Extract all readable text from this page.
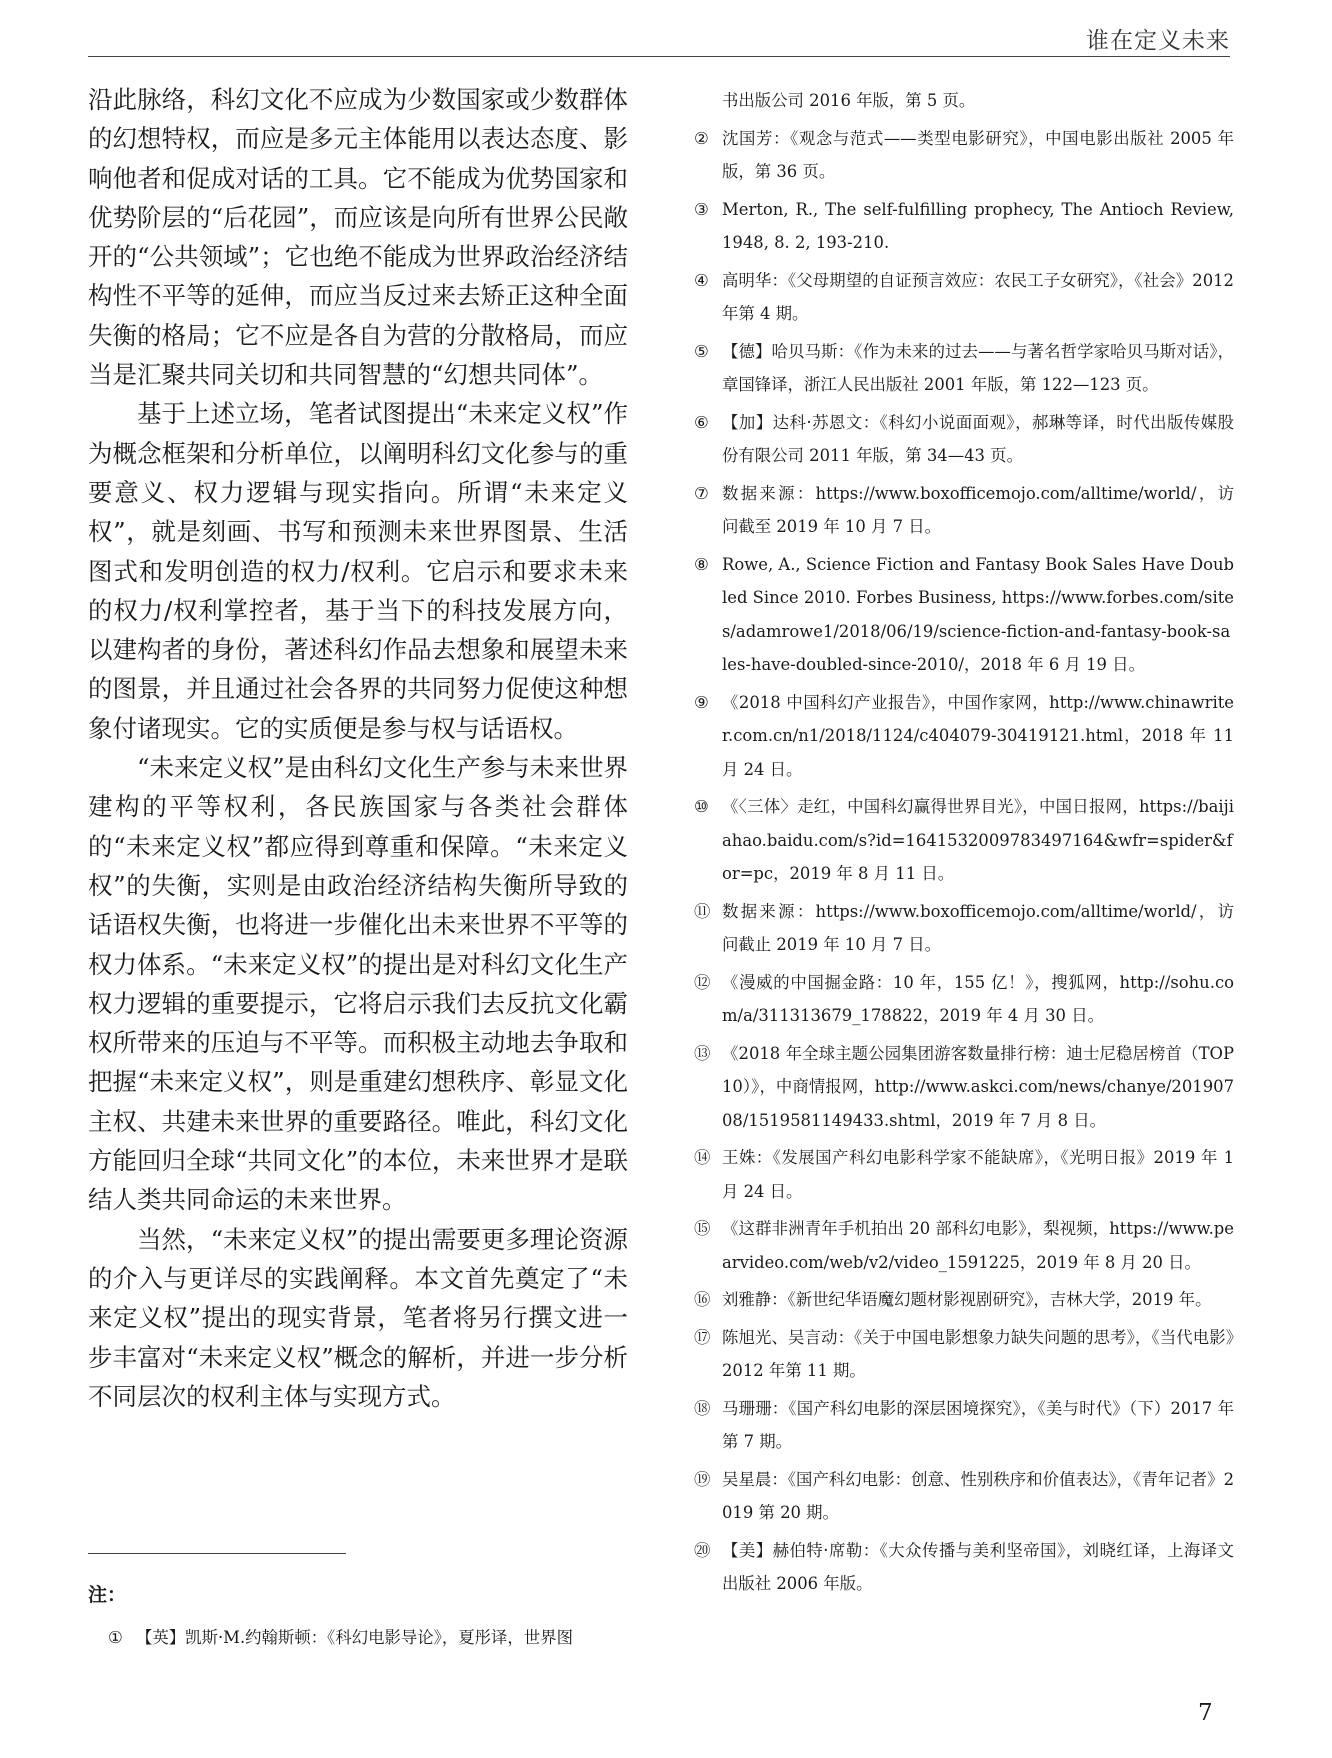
谁在定义未来

沿此脉络，科幻文化不应成为少数国家或少数群体的幻想特权，而应是多元主体能用以表达态度、影响他者和促成对话的工具。它不能成为优势国家和优势阶层的“后花园”，而应该是向所有世界公民敞开的“公共领域”；它也绝不能成为世界政治经济结构性不平等的延伸，而应当反过来去矫正这种全面失衡的格局；它不应是各自为营的分散格局，而应当是汇聚共同关切和共同智慧的“幻想共同体”。

基于上述立场，笔者试图提出“未来定义权”作为概念框架和分析单位，以阐明科幻文化参与的重要意义、权力逻辑与现实指向。所谓“未来定义权”，就是刻画、书写和预测未来世界图景、生活图式和发明创造的权力/权利。它启示和要求未来的权力/权利掌控者，基于当下的科技发展方向，以建构者的身份，著述科幻作品去想象和展望未来的图景，并且通过社会各界的共同努力促使这种想象付诸现实。它的实质便是参与权与话语权。

“未来定义权”是由科幻文化生产参与未来世界建构的平等权利，各民族国家与各类社会群体的“未来定义权”都应得到尊重和保障。“未来定义权”的失衡，实则是由政治经济结构失衡所导致的话语权失衡，也将进一步催化出未来世界不平等的权力体系。“未来定义权”的提出是对科幻文化生产权力逻辑的重要提示，它将启示我们去反抗文化霸权所带来的压迫与不平等。而积极主动地去争取和把握“未来定义权”，则是重建幻想秩序、彰显文化主权、共建未来世界的重要路径。唯此，科幻文化方能回归全球“共同文化”的本位，未来世界才是联结人类共同命运的未来世界。

当然，“未来定义权”的提出需要更多理论资源的介入与更详尽的实践阐释。本文首先奠定了“未来定义权”提出的现实背景，笔者将另行撰文进一步丰富对“未来定义权”概念的解析，并进一步分析不同层次的权利主体与实现方式。

注：
① 【英】凯斯·M.约翰斯顿：《科幻电影导论》，夏彤译，世界图
书出版公司 2016 年版，第 5 页。
② 沈国芳：《观念与范式——类型电影研究》，中国电影出版社 2005 年版，第 36 页。
③ Merton, R., The self-fulfilling prophecy, The Antioch Review, 1948, 8. 2, 193-210.
④ 高明华：《父母期望的自证预言效应：农民工子女研究》，《社会》2012 年第 4 期。
⑤ 【德】哈贝马斯：《作为未来的过去——与著名哲学家哈贝马斯对话》，章国锋译，浙江人民出版社 2001 年版，第 122—123 页。
⑥ 【加】达科·苏恩文：《科幻小说面面观》，郝琳等译，时代出版传媒股份有限公司 2011 年版，第 34—43 页。
⑦ 数据来源：https://www.boxofficemojo.com/alltime/world/，访问截至 2019 年 10 月 7 日。
⑧ Rowe, A., Science Fiction and Fantasy Book Sales Have Doubled Since 2010. Forbes Business, https://www.forbes.com/sites/adamrowe1/2018/06/19/science-fiction-and-fantasy-book-sales-have-doubled-since-2010/，2018 年 6 月 19 日。
⑨ 《2018 中国科幻产业报告》，中国作家网，http://www.chinawriter.com.cn/n1/2018/1124/c404079-30419121.html，2018 年 11 月 24 日。
⑩ 《〈三体〉走红，中国科幻赢得世界目光》，中国日报网，https://baijiahao.baidu.com/s?id=1641532009783497164&wfr=spider&for=pc，2019 年 8 月 11 日。
⑪ 数据来源：https://www.boxofficemojo.com/alltime/world/，访问截止 2019 年 10 月 7 日。
⑫ 《漫威的中国掘金路：10 年，155 亿！》，搜狐网，http://sohu.com/a/311313679_178822，2019 年 4 月 30 日。
⑬ 《2018 年全球主题公园集团游客数量排行榜：迪士尼稳居榜首（TOP10）》，中商情报网，http://www.askci.com/news/chanye/20190708/1519581149433.shtml，2019 年 7 月 8 日。
⑭ 王姝：《发展国产科幻电影科学家不能缺席》，《光明日报》2019 年 1 月 24 日。
⑮ 《这群非洲青年手机拍出 20 部科幻电影》，梨视频，https://www.pearvideo.com/web/v2/video_1591225，2019 年 8 月 20 日。
⑯ 刘雅静：《新世纪华语魔幻题材影视剧研究》，吉林大学，2019 年。
⑰ 陈旭光、吴言动：《关于中国电影想象力缺失问题的思考》，《当代电影》2012 年第 11 期。
⑱ 马珊珊：《国产科幻电影的深层困境探究》，《美与时代》（下）2017 年第 7 期。
⑲ 吴星晨：《国产科幻电影：创意、性别秩序和价值表达》，《青年记者》2019 第 20 期。
⑳ 【美】赫伯特·席勒：《大众传播与美利坚帝国》，刘晓红译，上海译文出版社 2006 年版。
7
